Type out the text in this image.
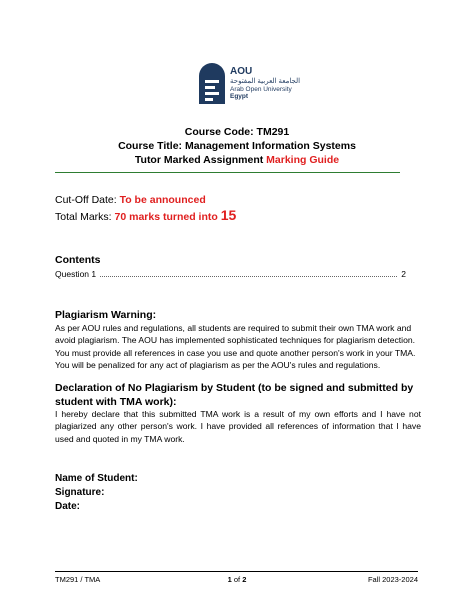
AOU
الجامعة العربية المفتوحة
Arab Open University
Egypt
Course Code: TM291
Course Title: Management Information Systems
Tutor Marked Assignment Marking Guide
Cut-Off Date: To be announced
Total Marks: 70 marks turned into 15
Contents
Question 1	2
Plagiarism Warning:
As per AOU rules and regulations, all students are required to submit their own TMA work and avoid plagiarism. The AOU has implemented sophisticated techniques for plagiarism detection. You must provide all references in case you use and quote another person's work in your TMA. You will be penalized for any act of plagiarism as per the AOU's rules and regulations.
Declaration of No Plagiarism by Student (to be signed and submitted by student with TMA work):
I hereby declare that this submitted TMA work is a result of my own efforts and I have not plagiarized any other person's work. I have provided all references of information that I have used and quoted in my TMA work.
Name of Student:
Signature:
Date:
TM291 / TMA	1 of 2	Fall 2023-2024
